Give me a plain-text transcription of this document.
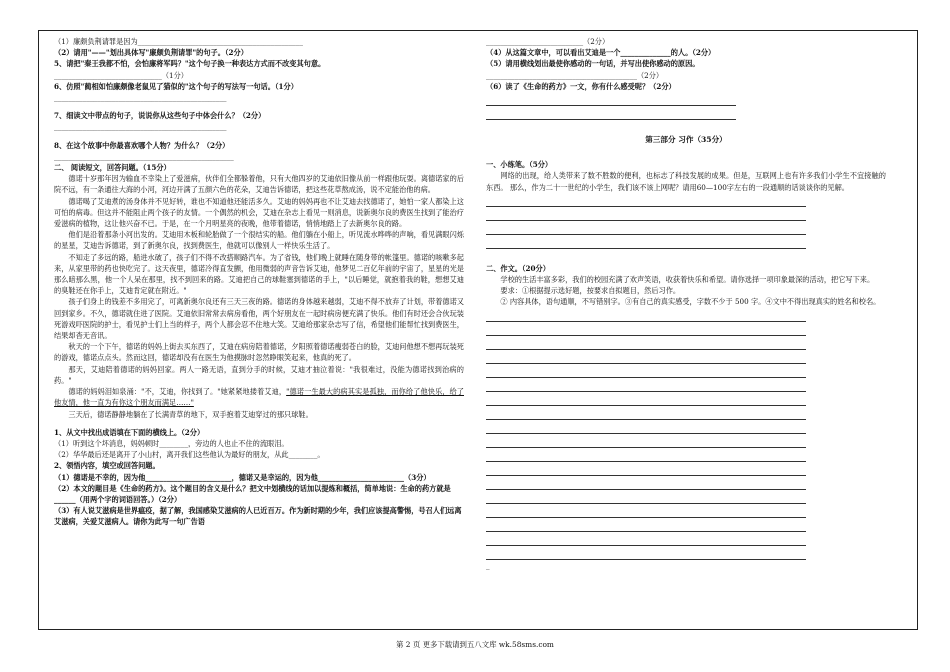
（1）廉颇负荆请罪是因为______________________________________________
（2）请用"——"划出具体写"廉颇负荆请罪"的句子。（2分）
5、请把"秦王我都不怕，会怕廉将军吗？"这个句子换一种表达方式而不改变其句意。
______________________________（1分）
6、仿照"蔺相如怕廉颇像老鼠见了猫似的"这个句子的写法写一句话。（1分）
________________________________________________
7、细读文中带点的句子，说说你从这些句子中体会什么？（2分）
________________________________________________
8、在这个故事中你最喜欢哪个人物？为什么？（2分）
__________________________________________________
二、 阅读短文，回答问题。（15分）
德诺十岁那年因为输血不幸染上了爱滋病，伙伴们全都躲着他，只有大他四岁的艾迪依旧像从前一样跟他玩耍。离德诺家的后院不远，有一条通往大海的小河，河边开满了五颜六色的花朵，艾迪告诉德诺，把这些花草熬成汤，说不定能治他的病。
德诺喝了艾迪煮的汤身体并不见好转，谁也不知道他还能活多久。艾迪的妈妈再也不让艾迪去找德诺了，她怕一家人都染上这可怕的病毒。但这并不能阻止两个孩子的友情。一个偶然的机会，艾迪在杂志上看见一则消息，说新奥尔良的费医生找到了能治疗爱滋病的植物，这让他兴奋不已。于是，在一个月明星亮的夜晚，他带着德诺，悄悄地踏上了去新奥尔良的路。
他们是沿着那条小河出发的。艾迪用木板和轮胎做了一个很结实的船。他们躺在小船上，听见流水哗哗的声响，看见满眼闪烁的星星，艾迪告诉德诺，到了新奥尔良，找到费医生，他就可以像别人一样快乐生活了。
不知走了多远的路，船进水破了，孩子们不得不改搭顺路汽车。为了省钱，他们晚上就睡在随身带的帐篷里。德诺的咳嗽多起来，从家里带的药也快吃完了。这天夜里，德诺冷得直发颤，他用微弱的声音告诉艾迪，他梦见二百亿年前的宇宙了，星星的光是那么暗那么黑，他一个人呆在那里，找不到回来的路。艾迪把自己的球鞋塞到德诺的手上，"以后睡觉，就抱着我的鞋，想想艾迪的臭鞋还在你手上，艾迪肯定就在附近。"
孩子们身上的钱差不多用完了，可离新奥尔良还有三天三夜的路。德诺的身体越来越弱，艾迪不得不放弃了计划，带着德诺又回到家乡。不久，德诺就住进了医院。艾迪依旧常常去病房看他，两个好朋友在一起时病房便充满了快乐。他们有时还会合伙玩装死游戏吓医院的护士，看见护士们上当的样子，两个人都会忍不住地大笑。艾迪给那家杂志写了信，希望他们能帮忙找到费医生，结果却杳无音讯。
秋天的一个下午，德诺的妈妈上街去买东西了，艾迪在病房陪着德诺，夕阳照着德诺瘦弱苍白的脸，艾迪问他想不想再玩装死的游戏，德诺点点头。然而这回，德诺却没有在医生为他摸脉时忽然睁眼笑起来，他真的死了。
那天，艾迪陪着德诺的妈妈回家。两人一路无语，直到分手的时候，艾迪才抽泣着说："我很难过，没能为德诺找到治病的药。"
德诺的妈妈泪如泉涌："不，艾迪，你找到了。"她紧紧地搂着艾迪，"德诺一生最大的病其实是孤独，而你给了他快乐，给了他友情，他一直为有你这个朋友而满足……"
三天后，德诺静静地躺在了长满青草的地下，双手抱着艾迪穿过的那只球鞋。
1、从文中找出成语填在下面的横线上。（2分）
（1）听到这个坏消息，妈妈顿时________，旁边的人也止不住的流眼泪。
（2）华华最后还是离开了小山村，离开我们这些他认为最好的朋友，从此________。
2、领悟内容，填空或回答问题。
（1）德诺是不幸的，因为他________________________，德诺又是幸运的，因为他________________________（3分）
（2）本文的题目是《生命的药方》。这个题目的含义是什么？把文中划横线的话加以提炼和概括，简单地说：生命的药方就是______（用两个字的词语回答。）（2分）
（3）有人说艾滋病是世界瘟疫，据了解，我国感染艾滋病的人已近百万。作为新时期的少年，我们应该提高警惕，号召人们远离艾滋病，关爱艾滋病人。请你为此写一句广告语
___________________________（2分）
（4）从这篇文章中，可以看出艾迪是一个______________的人。（2分）
（5）请用横线划出最使你感动的一句话，并写出使你感动的原因。
__________________________________________（2分）
（6）读了《生命的药方》一文，你有什么感受呢？（2分）
第三部分 习作（35分）
一、小练笔。（5分）
网络的出现，给人类带来了数不胜数的便利，也标志了科技发展的成果。但是，互联网上也有许多我们小学生不宜接触的东西。 那么，作为二十一世纪的小学生，我们该不该上网呢？请用60—100字左右的一段通顺的话谈谈你的见解。
二、作文。（20分）
学校的生活丰富多彩，我们的校园充满了欢声笑语，收获着快乐和希望。请你选择一项印象最深的活动，把它写下来。
要求：①根据提示选好题，按要求自拟题目，然后习作。
② 内容具体，语句通顺，不写错别字。③有自己的真实感受，字数不少于 500 字。④文中不得出现真实的姓名和校名。
_
第 2 页 更多下载请到五八文库 wk.58sms.com
